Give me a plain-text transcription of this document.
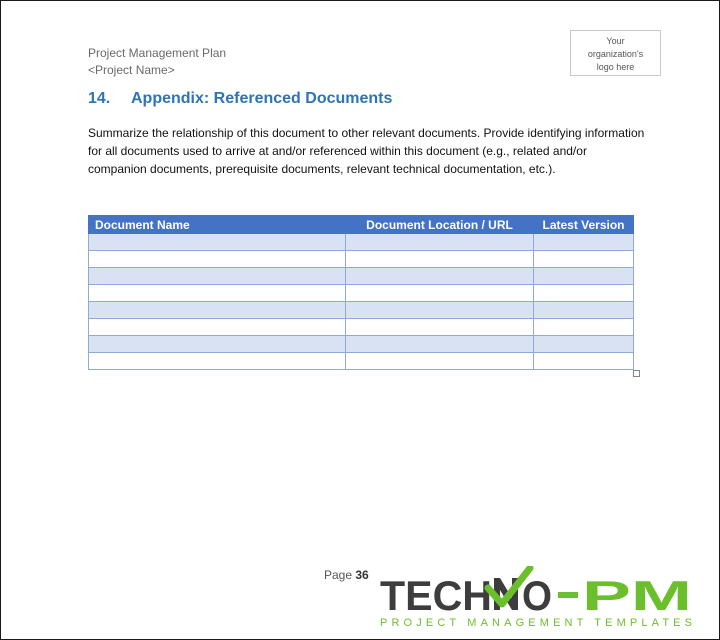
Project Management Plan
<Project Name>
Your
organization's
logo here
14. Appendix: Referenced Documents
Summarize the relationship of this document to other relevant documents. Provide identifying information for all documents used to arrive at and/or referenced within this document (e.g., related and/or companion documents, prerequisite documents, relevant technical documentation, etc.).
Document Name	Document Location / URL	Latest Version

Page 36 TECH O PM
PROJECT MANAGEMENT TEMPLATES
